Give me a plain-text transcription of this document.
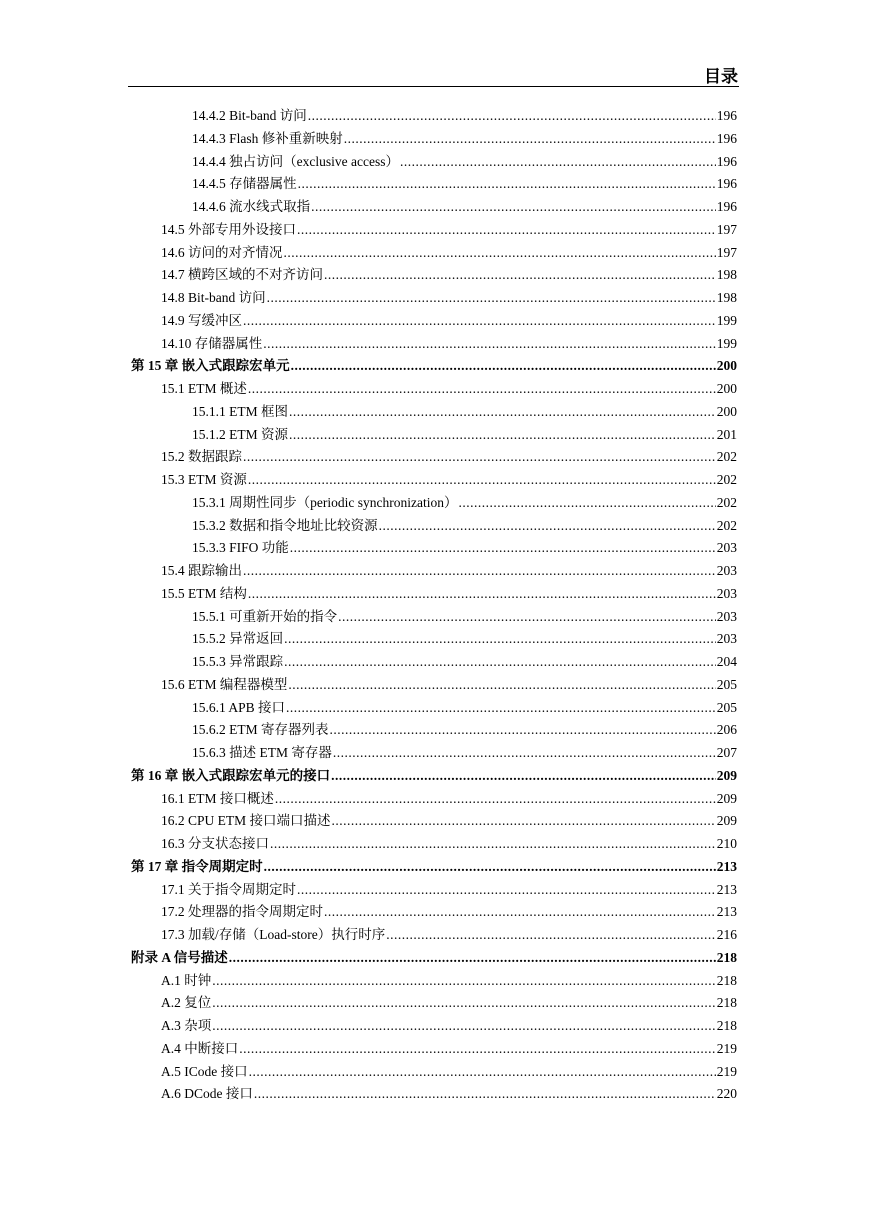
目录
14.4.2 Bit-band 访问 .....	196
14.4.3 Flash 修补重新映射 .....	196
14.4.4 独占访问（exclusive access） .....	196
14.4.5 存储器属性 .....	196
14.4.6 流水线式取指 .....	196
14.5 外部专用外设接口 .....	197
14.6 访问的对齐情况 .....	197
14.7 横跨区域的不对齐访问 .....	198
14.8 Bit-band 访问 .....	198
14.9 写缓冲区 .....	199
14.10 存储器属性 .....	199
第 15 章 嵌入式跟踪宏单元 .....	200
15.1 ETM 概述 .....	200
15.1.1 ETM 框图 .....	200
15.1.2 ETM 资源 .....	201
15.2 数据跟踪 .....	202
15.3 ETM 资源 .....	202
15.3.1 周期性同步（periodic synchronization） .....	202
15.3.2 数据和指令地址比较资源 .....	202
15.3.3 FIFO 功能 .....	203
15.4 跟踪输出 .....	203
15.5 ETM 结构 .....	203
15.5.1 可重新开始的指令 .....	203
15.5.2 异常返回 .....	203
15.5.3 异常跟踪 .....	204
15.6 ETM 编程器模型 .....	205
15.6.1 APB 接口 .....	205
15.6.2 ETM 寄存器列表 .....	206
15.6.3 描述 ETM 寄存器 .....	207
第 16 章 嵌入式跟踪宏单元的接口 .....	209
16.1 ETM 接口概述 .....	209
16.2 CPU ETM 接口端口描述 .....	209
16.3 分支状态接口 .....	210
第 17 章 指令周期定时 .....	213
17.1 关于指令周期定时 .....	213
17.2 处理器的指令周期定时 .....	213
17.3 加载/存储（Load-store）执行时序 .....	216
附录 A 信号描述 .....	218
A.1 时钟 .....	218
A.2 复位 .....	218
A.3 杂项 .....	218
A.4 中断接口 .....	219
A.5 ICode 接口 .....	219
A.6 DCode 接口 .....	220
